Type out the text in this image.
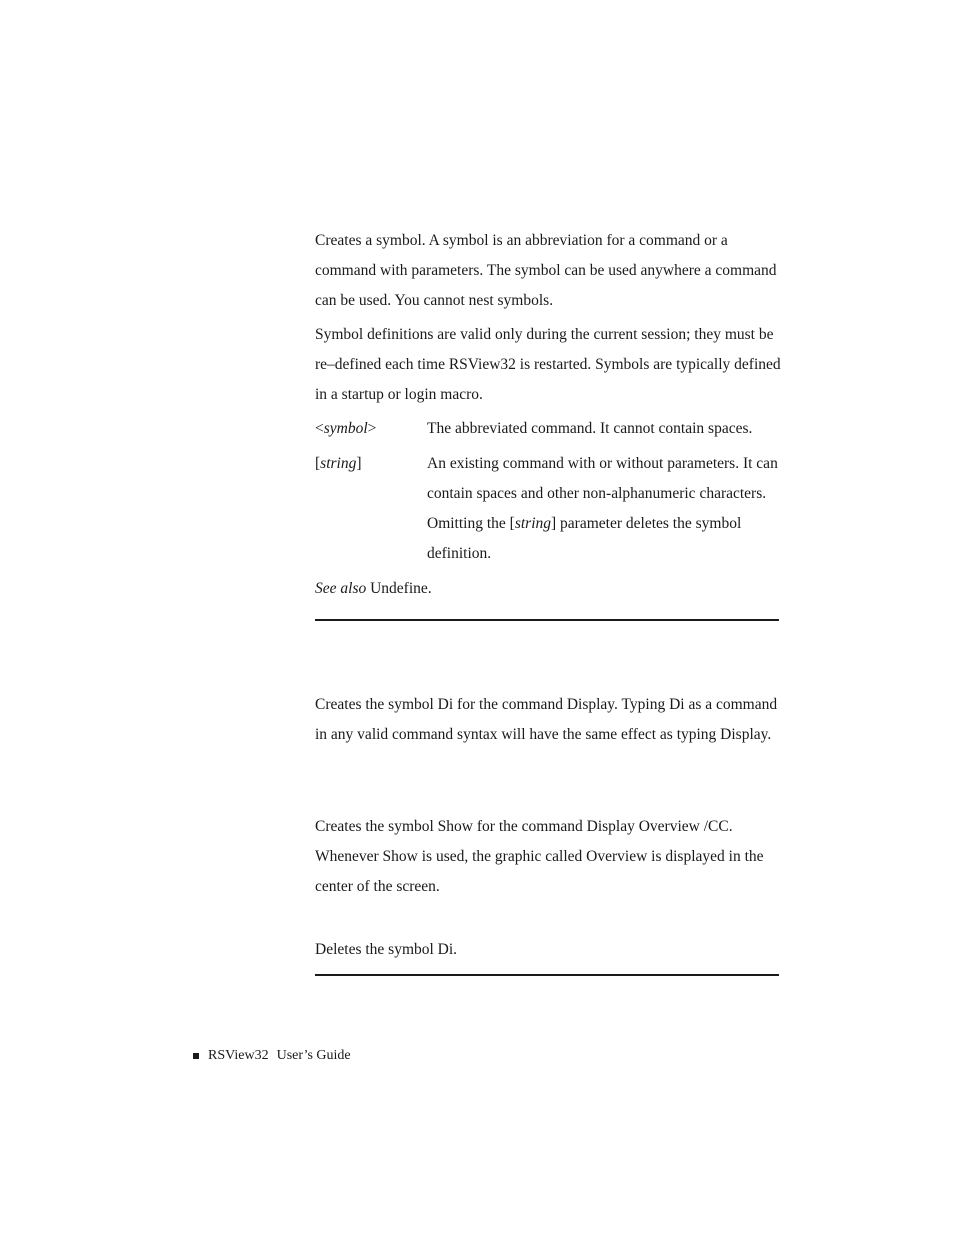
Creates a symbol. A symbol is an abbreviation for a command or a command with parameters. The symbol can be used anywhere a command can be used. You cannot nest symbols.
Symbol definitions are valid only during the current session; they must be re–defined each time RSView32 is restarted. Symbols are typically defined in a startup or login macro.
<symbol>	The abbreviated command. It cannot contain spaces.
[string]	An existing command with or without parameters. It can contain spaces and other non-alphanumeric characters. Omitting the [string] parameter deletes the symbol definition.
See also Undefine.
Creates the symbol Di for the command Display. Typing Di as a command in any valid command syntax will have the same effect as typing Display.
Creates the symbol Show for the command Display Overview /CC. Whenever Show is used, the graphic called Overview is displayed in the center of the screen.
Deletes the symbol Di.
RSView32 User’s Guide
